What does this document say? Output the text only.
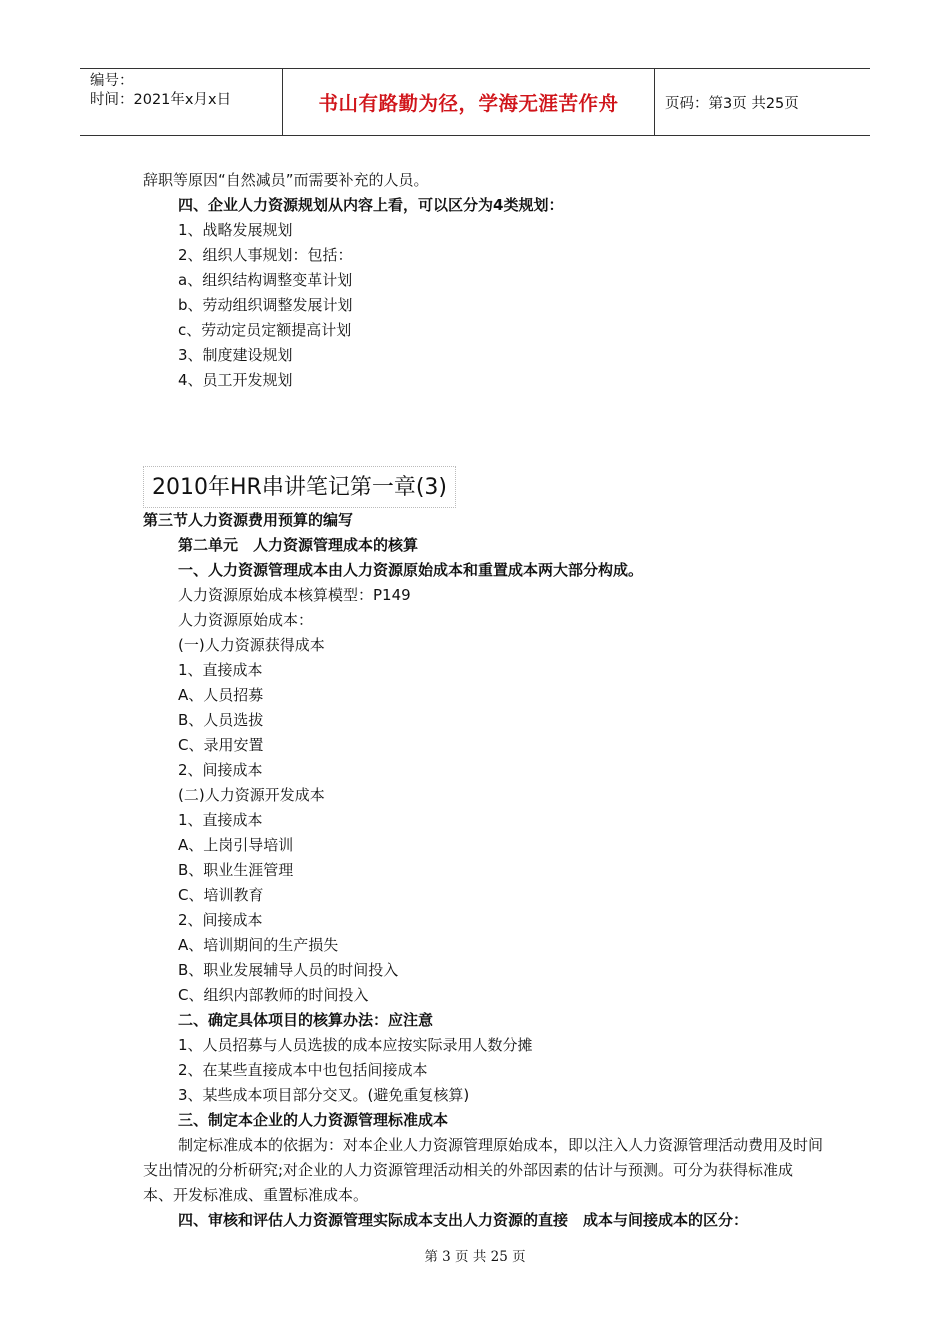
编号：
时间：2021年x月x日	书山有路勤为径，学海无涯苦作舟	页码：第3页 共25页
辞职等原因“自然减员”而需要补充的人员。
四、企业人力资源规划从内容上看，可以区分为4类规划：
1、战略发展规划
2、组织人事规划：包括：
a、组织结构调整变革计划
b、劳动组织调整发展计划
c、劳动定员定额提高计划
3、制度建设规划
4、员工开发规划
2010年HR串讲笔记第一章(3)
第三节人力资源费用预算的编写
第二单元　人力资源管理成本的核算
一、人力资源管理成本由人力资源原始成本和重置成本两大部分构成。
人力资源原始成本核算模型：P149
人力资源原始成本：
(一)人力资源获得成本
1、直接成本
A、人员招募
B、人员选拔
C、录用安置
2、间接成本
(二)人力资源开发成本
1、直接成本
A、上岗引导培训
B、职业生涯管理
C、培训教育
2、间接成本
A、培训期间的生产损失
B、职业发展辅导人员的时间投入
C、组织内部教师的时间投入
二、确定具体项目的核算办法：应注意
1、人员招募与人员选拔的成本应按实际录用人数分摊
2、在某些直接成本中也包括间接成本
3、某些成本项目部分交叉。(避免重复核算)
三、制定本企业的人力资源管理标准成本
制定标准成本的依据为：对本企业人力资源管理原始成本，即以注入人力资源管理活动费用及时间支出情况的分析研究;对企业的人力资源管理活动相关的外部因素的估计与预测。可分为获得标准成本、开发标准成、重置标准成本。
四、审核和评估人力资源管理实际成本支出人力资源的直接　成本与间接成本的区分：
第 3 页 共 25 页
